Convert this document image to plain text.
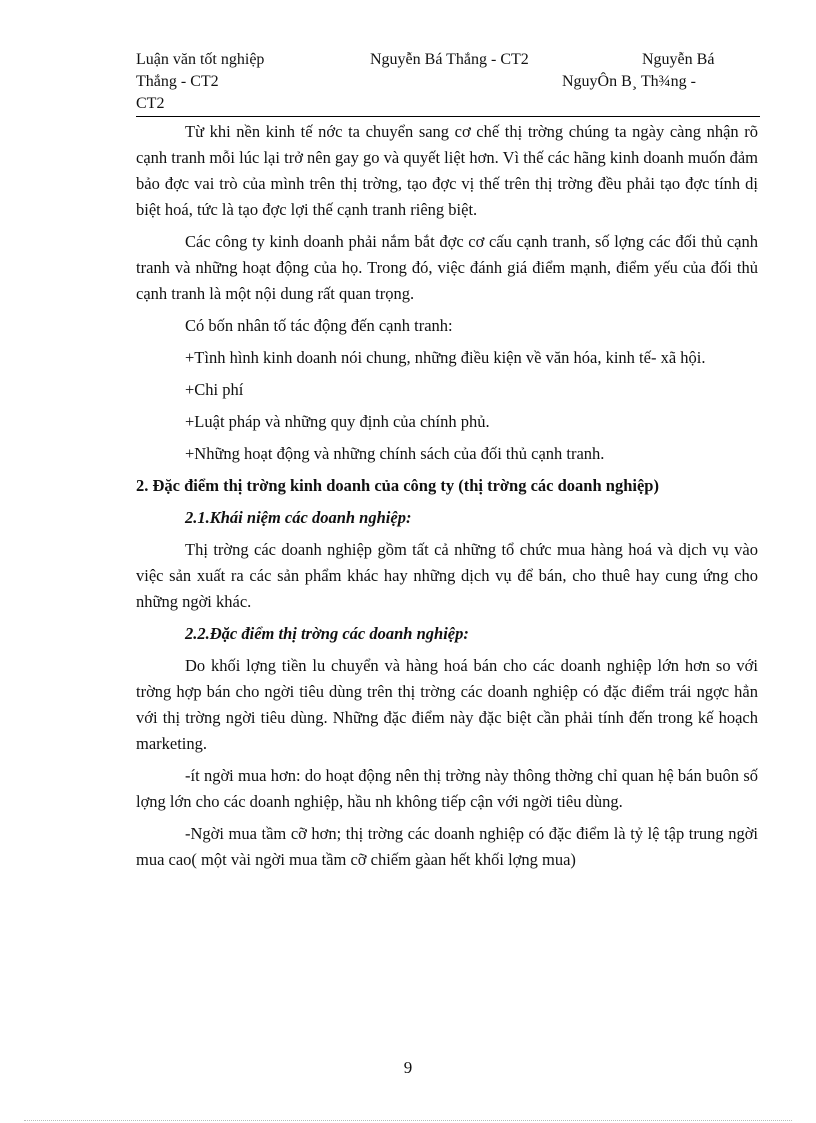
Luận văn tốt nghiệp	Nguyễn Bá Thắng - CT2	Nguyễn Bá
Thắng - CT2	NguyÔn B¸ Th¾ng -
CT2

Từ khi nền kinh tế nớc ta chuyển sang cơ chế thị trờng chúng ta ngày càng nhận rõ cạnh tranh mỗi lúc lại trở nên gay go và quyết liệt hơn. Vì thế các hãng kinh doanh muốn đảm bảo đợc vai trò của mình trên thị trờng, tạo đợc vị thế trên thị trờng đều phải tạo đợc tính dị biệt hoá, tức là tạo đợc lợi thế cạnh tranh riêng biệt.

Các công ty kinh doanh phải nắm bắt đợc cơ cấu cạnh tranh, số lợng các đối thủ cạnh tranh và những hoạt động của họ. Trong đó, việc đánh giá điểm mạnh, điểm yếu của đối thủ cạnh tranh là một nội dung rất quan trọng.

Có bốn nhân tố tác động đến cạnh tranh:

+Tình hình kinh doanh nói chung, những điều kiện về văn hóa, kinh tế- xã hội.

+Chi phí

+Luật pháp và những quy định của chính phủ.

+Những hoạt động và những chính sách của đối thủ cạnh tranh.

2. Đặc điểm thị trờng kinh doanh của công ty (thị trờng các doanh nghiệp)

2.1.Khái niệm các doanh nghiệp:

Thị trờng các doanh nghiệp gồm tất cả những tổ chức mua hàng hoá và dịch vụ vào việc sản xuất ra các sản phẩm khác hay những dịch vụ để bán, cho thuê hay cung ứng cho những ngời khác.

2.2.Đặc điểm thị trờng các doanh nghiệp:

Do khối lợng tiền lu chuyển và hàng hoá bán cho các doanh nghiệp lớn hơn so với trờng hợp bán cho ngời tiêu dùng trên thị trờng các doanh nghiệp có đặc điểm trái ngợc hẳn với thị trờng ngời tiêu dùng. Những đặc điểm này đặc biệt cần phải tính đến trong kế hoạch marketing.

-ít ngời mua hơn: do hoạt động nên thị trờng này thông thờng chỉ quan hệ bán buôn số lợng lớn cho các doanh nghiệp, hầu nh không tiếp cận với ngời tiêu dùng.

-Ngời mua tầm cỡ hơn; thị trờng các doanh nghiệp có đặc điểm là tỷ lệ tập trung ngời mua cao( một vài ngời mua tầm cỡ chiếm gàan hết khối lợng mua)

9
